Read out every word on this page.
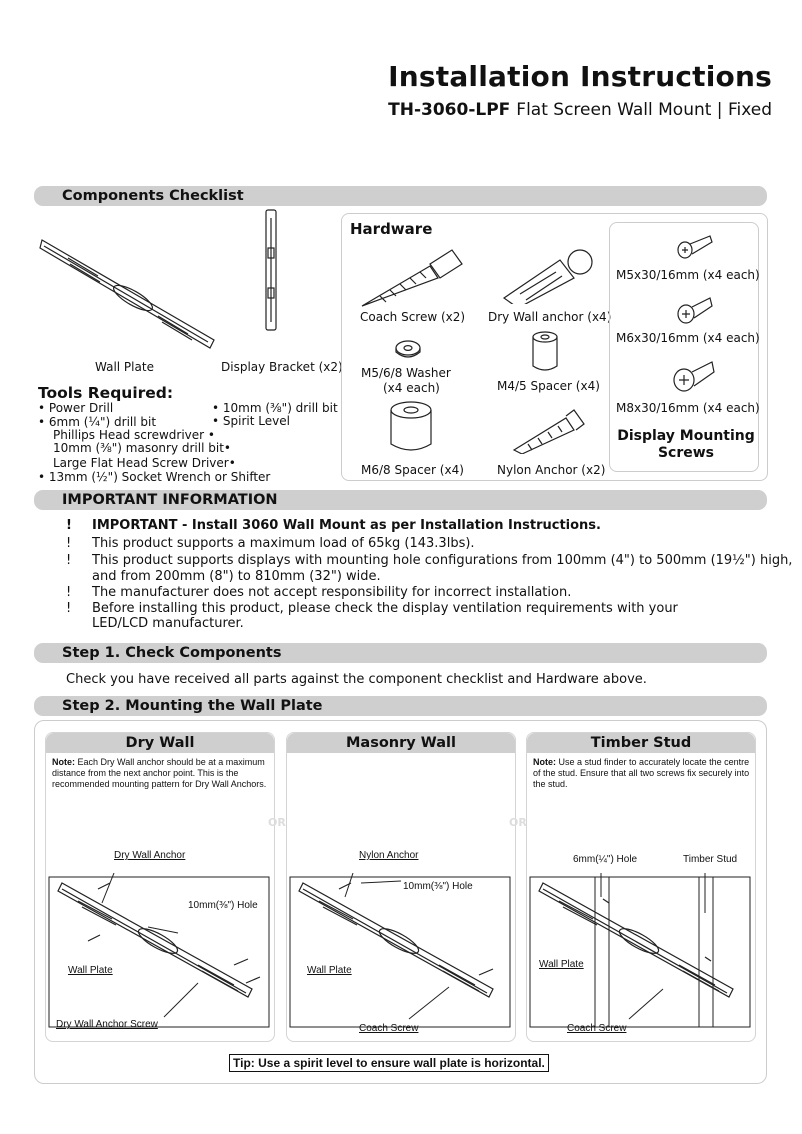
Installation Instructions
TH-3060-LPF Flat Screen Wall Mount | Fixed
Components Checklist
Wall Plate	Display Bracket (x2)
Tools Required:
• Power Drill
• 6mm (¼") drill bit
Phillips Head screwdriver •
10mm (⅜") masonry drill bit•
Large Flat Head Screw Driver•
• 13mm (½") Socket Wrench or Shifter
• 10mm (⅜") drill bit
• Spirit Level
Hardware
Coach Screw (x2) Dry Wall anchor (x4)
M5/6/8 Washer
(x4 each)	M4/5 Spacer (x4)
M6/8 Spacer (x4)	Nylon Anchor (x2)
M5x30/16mm (x4 each)
M6x30/16mm (x4 each)
M8x30/16mm (x4 each)
Display Mounting
Screws
IMPORTANT INFORMATION
! IMPORTANT - Install 3060 Wall Mount as per Installation Instructions.
! This product supports a maximum load of 65kg (143.3lbs).
! This product supports displays with mounting hole configurations from 100mm (4") to 500mm (19½") high,
and from 200mm (8") to 810mm (32") wide.
! The manufacturer does not accept responsibility for incorrect installation.
! Before installing this product, please check the display ventilation requirements with your
LED/LCD manufacturer.
Step 1. Check Components
Check you have received all parts against the component checklist and Hardware above.
Step 2. Mounting the Wall Plate
Dry Wall
Note: Each Dry Wall anchor should be at a maximum distance from the next anchor point. This is the recommended mounting pattern for Dry Wall Anchors.
Dry Wall Anchor
10mm(⅜") Hole
Wall Plate
Dry Wall Anchor Screw
Masonry Wall
Nylon Anchor
10mm(⅜") Hole
Wall Plate
Coach Screw
Timber Stud
Note: Use a stud finder to accurately locate the centre of the stud. Ensure that all two screws fix securely into the stud.
6mm(¼") Hole	Timber Stud
Wall Plate
Coach Screw
OR	OR
Tip: Use a spirit level to ensure wall plate is horizontal.
